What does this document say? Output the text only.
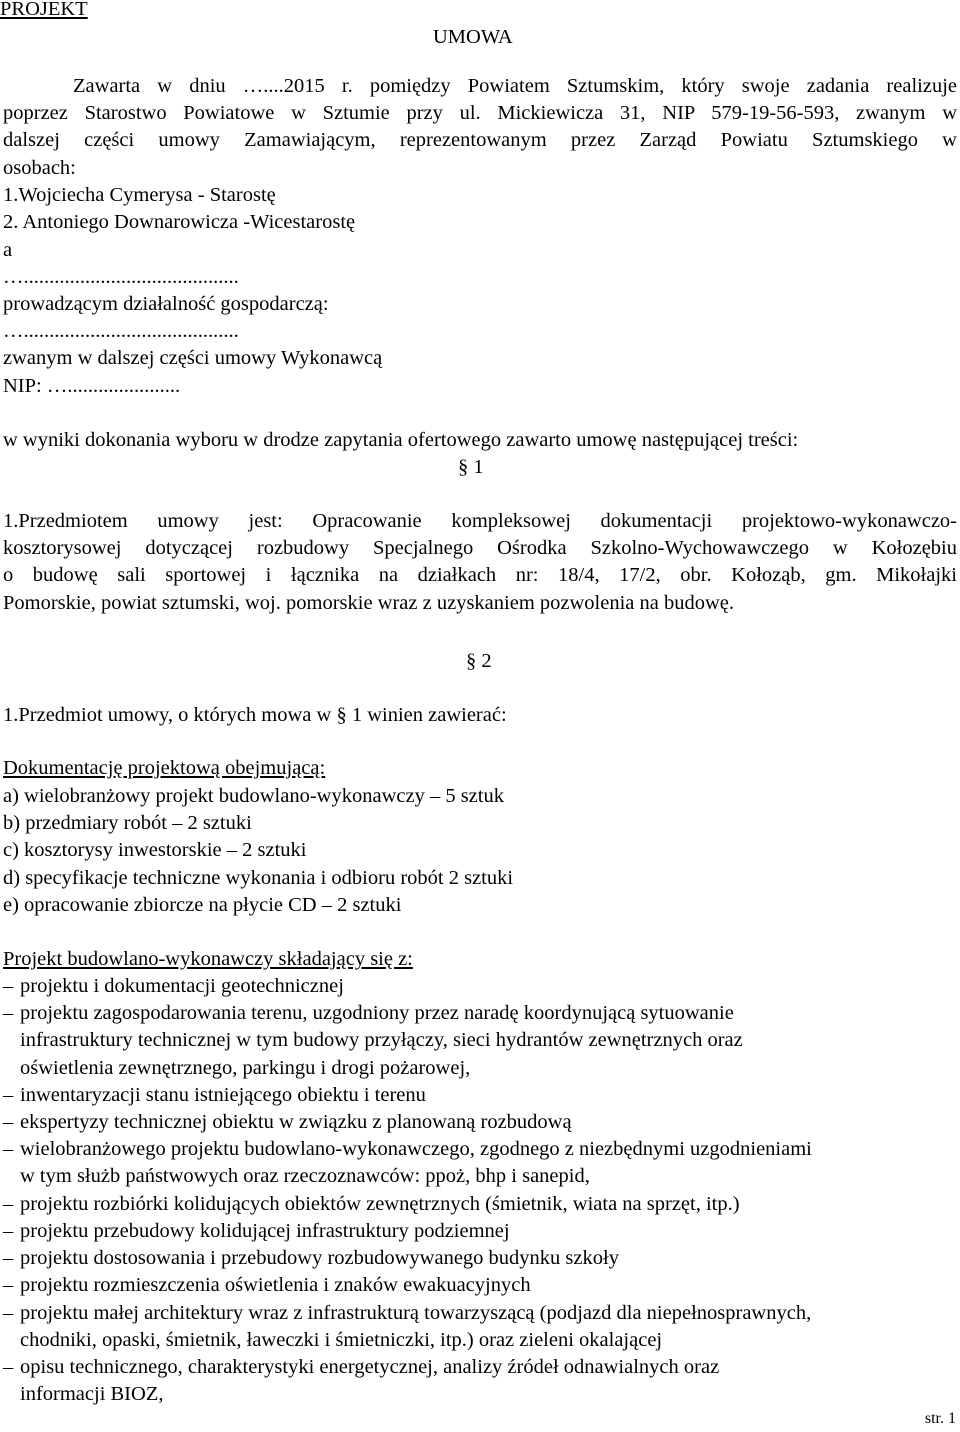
PROJEKT
UMOWA
Zawarta w dniu …....2015 r. pomiędzy Powiatem Sztumskim, który swoje zadania realizuje
poprzez Starostwo Powiatowe w Sztumie przy ul. Mickiewicza 31, NIP 579-19-56-593, zwanym w
dalszej części umowy Zamawiającym, reprezentowanym przez Zarząd Powiatu Sztumskiego w
osobach:
1.Wojciecha Cymerysa - Starostę
2. Antoniego Downarowicza -Wicestarostę
a
…..........................................
prowadzącym działalność gospodarczą:
…..........................................
zwanym w dalszej części umowy Wykonawcą
NIP: …......................
w wyniki dokonania wyboru w drodze zapytania ofertowego zawarto umowę następującej treści:
§ 1
1.Przedmiotem umowy jest: Opracowanie kompleksowej dokumentacji projektowo-wykonawczo-
kosztorysowej dotyczącej rozbudowy Specjalnego Ośrodka Szkolno-Wychowawczego w Kołozębiu
o budowę sali sportowej i łącznika na działkach nr: 18/4, 17/2, obr. Kołoząb, gm. Mikołajki
Pomorskie, powiat sztumski, woj. pomorskie wraz z uzyskaniem pozwolenia na budowę.
§ 2
1.Przedmiot umowy, o których mowa w § 1 winien zawierać:
Dokumentację projektową obejmującą:
a) wielobranżowy projekt budowlano-wykonawczy – 5 sztuk
b) przedmiary robót – 2 sztuki
c) kosztorysy inwestorskie – 2 sztuki
d) specyfikacje techniczne wykonania i odbioru robót 2 sztuki
e) opracowanie zbiorcze na płycie CD – 2 sztuki
Projekt budowlano-wykonawczy składający się z:
– projektu i dokumentacji geotechnicznej
– projektu zagospodarowania terenu, uzgodniony przez naradę koordynującą sytuowanie
infrastruktury technicznej w tym budowy przyłączy, sieci hydrantów zewnętrznych oraz
oświetlenia zewnętrznego, parkingu i drogi pożarowej,
– inwentaryzacji stanu istniejącego obiektu i terenu
– ekspertyzy technicznej obiektu w związku z planowaną rozbudową
– wielobranżowego projektu budowlano-wykonawczego, zgodnego z niezbędnymi uzgodnieniami
w tym służb państwowych oraz rzeczoznawców: ppoż, bhp i sanepid,
– projektu rozbiórki kolidujących obiektów zewnętrznych (śmietnik, wiata na sprzęt, itp.)
– projektu przebudowy kolidującej infrastruktury podziemnej
– projektu dostosowania i przebudowy rozbudowywanego budynku szkoły
– projektu rozmieszczenia oświetlenia i znaków ewakuacyjnych
– projektu małej architektury wraz z infrastrukturą towarzyszącą (podjazd dla niepełnosprawnych,
chodniki, opaski, śmietnik, ławeczki i śmietniczki, itp.) oraz zieleni okalającej
– opisu technicznego, charakterystyki energetycznej, analizy źródeł odnawialnych oraz
informacji BIOZ,
str. 1
